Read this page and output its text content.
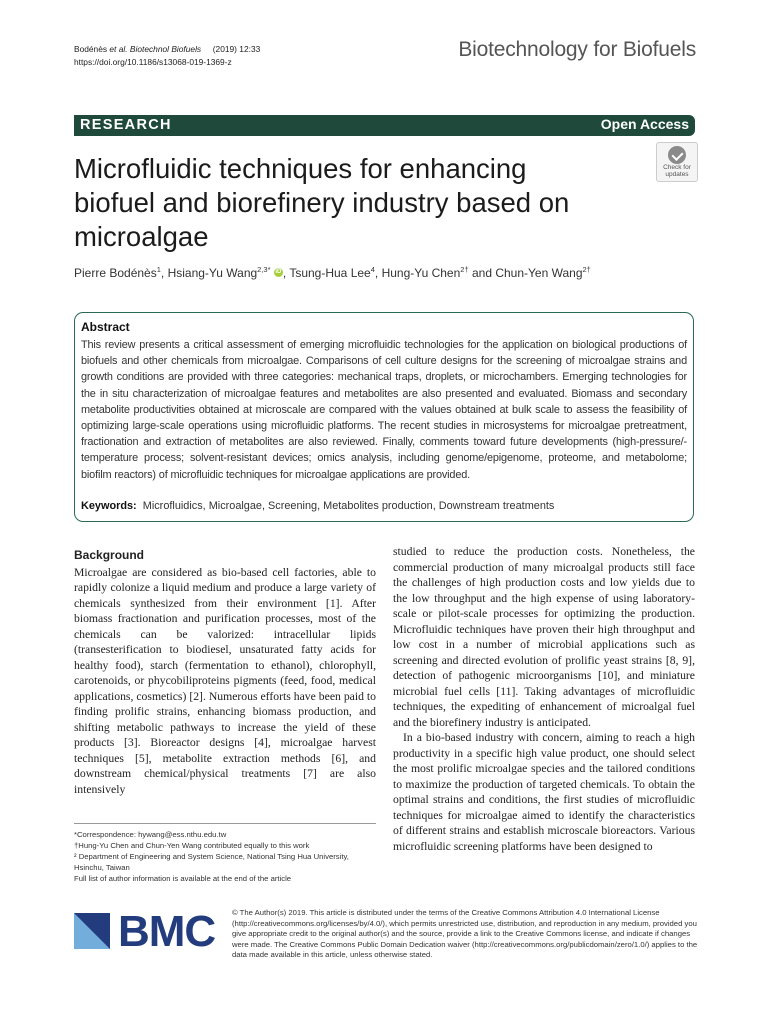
Bodénès et al. Biotechnol Biofuels (2019) 12:33
https://doi.org/10.1186/s13068-019-1369-z
Biotechnology for Biofuels
RESEARCH	Open Access
Microfluidic techniques for enhancing biofuel and biorefinery industry based on microalgae
Check for
updates
Pierre Bodénès$^1$, Hsiang-Yu Wang$^{2,3*}$ iD , Tsung-Hua Lee$^4$, Hung-Yu Chen$^{2\dagger}$ and Chun-Yen Wang$^{2\dagger}$
Abstract
This review presents a critical assessment of emerging microfluidic technologies for the application on biological productions of biofuels and other chemicals from microalgae. Comparisons of cell culture designs for the screening of microalgae strains and growth conditions are provided with three categories: mechanical traps, droplets, or microchambers. Emerging technologies for the in situ characterization of microalgae features and metabolites are also presented and evaluated. Biomass and secondary metabolite productivities obtained at microscale are compared with the values obtained at bulk scale to assess the feasibility of optimizing large-scale operations using microfluidic platforms. The recent studies in microsystems for microalgae pretreatment, fractionation and extraction of metabolites are also reviewed. Finally, comments toward future developments (high-pressure/-temperature process; solvent-resistant devices; omics analysis, including genome/epigenome, proteome, and metabolome; biofilm reactors) of microfluidic techniques for microalgae applications are provided.
Keywords: Microfluidics, Microalgae, Screening, Metabolites production, Downstream treatments
Background

Microalgae are considered as bio-based cell factories, able to rapidly colonize a liquid medium and produce a large variety of chemicals synthesized from their environment [1]. After biomass fractionation and purification processes, most of the chemicals can be valorized: intracellular lipids (transesterification to biodiesel, unsaturated fatty acids for healthy food), starch (fermentation to ethanol), chlorophyll, carotenoids, or phycobiliproteins pigments (feed, food, medical applications, cosmetics) [2]. Numerous efforts have been paid to finding prolific strains, enhancing biomass production, and shifting metabolic pathways to increase the yield of these products [3]. Bioreactor designs [4], microalgae harvest techniques [5], metabolite extraction methods [6], and downstream chemical/physical treatments [7] are also intensively

studied to reduce the production costs. Nonetheless, the commercial production of many microalgal products still face the challenges of high production costs and low yields due to the low throughput and the high expense of using laboratory-scale or pilot-scale processes for optimizing the production. Microfluidic techniques have proven their high throughput and low cost in a number of microbial applications such as screening and directed evolution of prolific yeast strains [8, 9], detection of pathogenic microorganisms [10], and miniature microbial fuel cells [11]. Taking advantages of microfluidic techniques, the expediting of enhancement of microalgal fuel and the biorefinery industry is anticipated.

In a bio-based industry with concern, aiming to reach a high productivity in a specific high value product, one should select the most prolific microalgae species and the tailored conditions to maximize the production of targeted chemicals. To obtain the optimal strains and conditions, the first studies of microfluidic techniques for microalgae aimed to identify the characteristics of different strains and establish microscale bioreactors. Various microfluidic screening platforms have been designed to

*Correspondence: hywang@ess.nthu.edu.tw

†Hung-Yu Chen and Chun-Yen Wang contributed equally to this work

² Department of Engineering and System Science, National Tsing Hua University, Hsinchu, Taiwan

Full list of author information is available at the end of the article

BMC © The Author(s) 2019. This article is distributed under the terms of the Creative Commons Attribution 4.0 International License (http://creativecommons.org/licenses/by/4.0/), which permits unrestricted use, distribution, and reproduction in any medium, provided you give appropriate credit to the original author(s) and the source, provide a link to the Creative Commons license, and indicate if changes were made. The Creative Commons Public Domain Dedication waiver (http://creativecommons.org/publicdomain/zero/1.0/) applies to the data made available in this article, unless otherwise stated.
